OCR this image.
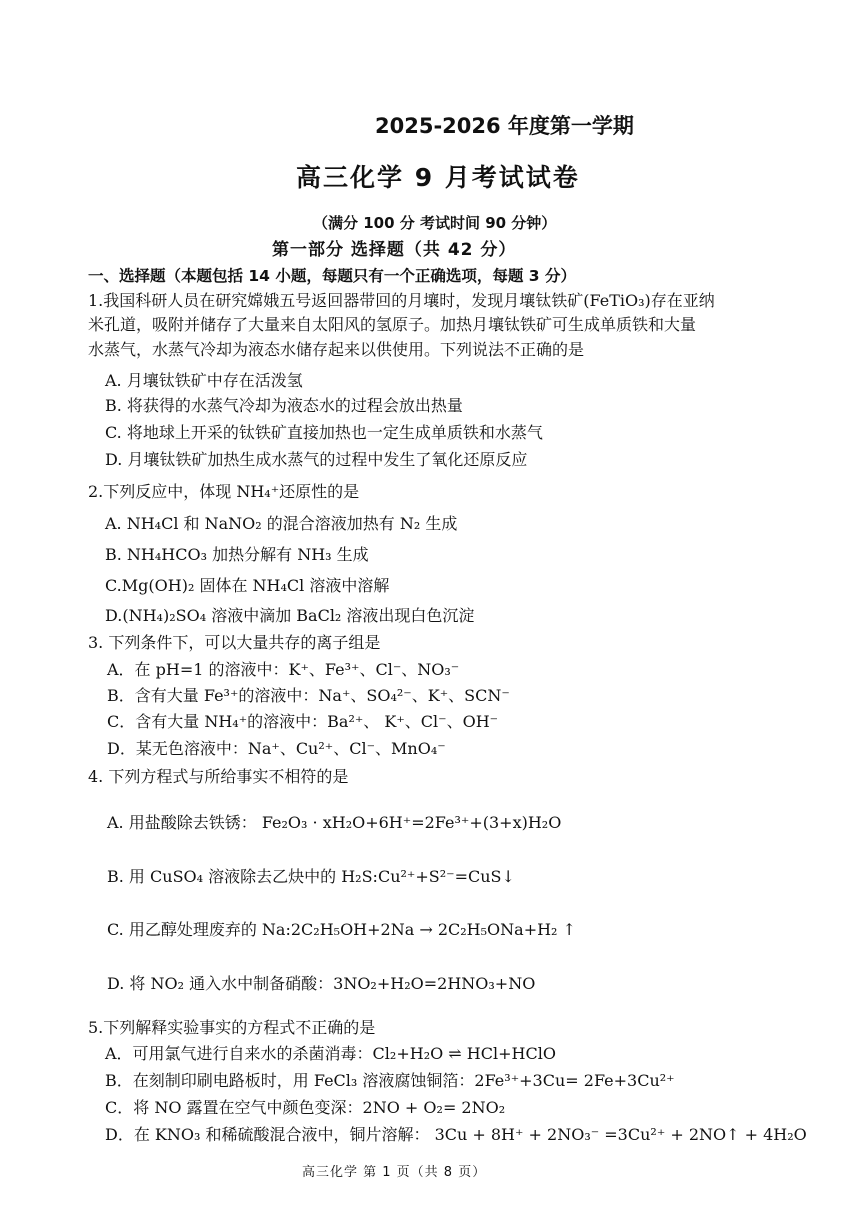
2025-2026 年度第一学期
高三化学 9 月考试试卷
（满分 100 分 考试时间 90 分钟）
第一部分 选择题（共 42 分）
一、选择题（本题包括 14 小题，每题只有一个正确选项，每题 3 分）
1.我国科研人员在研究嫦娥五号返回器带回的月壤时，发现月壤钛铁矿(FeTiO₃)存在亚纳
米孔道，吸附并储存了大量来自太阳风的氢原子。加热月壤钛铁矿可生成单质铁和大量
水蒸气，水蒸气冷却为液态水储存起来以供使用。下列说法不正确的是
A. 月壤钛铁矿中存在活泼氢
B. 将获得的水蒸气冷却为液态水的过程会放出热量
C. 将地球上开采的钛铁矿直接加热也一定生成单质铁和水蒸气
D. 月壤钛铁矿加热生成水蒸气的过程中发生了氧化还原反应
2.下列反应中，体现 NH₄⁺还原性的是
A. NH₄Cl 和 NaNO₂ 的混合溶液加热有 N₂ 生成
B. NH₄HCO₃ 加热分解有 NH₃ 生成
C.Mg(OH)₂ 固体在 NH₄Cl 溶液中溶解
D.(NH₄)₂SO₄ 溶液中滴加 BaCl₂ 溶液出现白色沉淀
3. 下列条件下，可以大量共存的离子组是
A．在 pH=1 的溶液中：K⁺、Fe³⁺、Cl⁻、NO₃⁻
B．含有大量 Fe³⁺的溶液中：Na⁺、SO₄²⁻、K⁺、SCN⁻
C．含有大量 NH₄⁺的溶液中：Ba²⁺、 K⁺、Cl⁻、OH⁻
D．某无色溶液中：Na⁺、Cu²⁺、Cl⁻、MnO₄⁻
4. 下列方程式与所给事实不相符的是
A. 用盐酸除去铁锈： Fe₂O₃ · xH₂O+6H⁺=2Fe³⁺+(3+x)H₂O
B. 用 CuSO₄ 溶液除去乙炔中的 H₂S:Cu²⁺+S²⁻=CuS↓
C. 用乙醇处理废弃的 Na:2C₂H₅OH+2Na → 2C₂H₅ONa+H₂ ↑
D. 将 NO₂ 通入水中制备硝酸：3NO₂+H₂O=2HNO₃+NO
5.下列解释实验事实的方程式不正确的是
A．可用氯气进行自来水的杀菌消毒：Cl₂+H₂O ⇌ HCl+HClO
B．在刻制印刷电路板时，用 FeCl₃ 溶液腐蚀铜箔：2Fe³⁺+3Cu= 2Fe+3Cu²⁺
C．将 NO 露置在空气中颜色变深：2NO + O₂= 2NO₂
D．在 KNO₃ 和稀硫酸混合液中，铜片溶解： 3Cu + 8H⁺ + 2NO₃⁻ =3Cu²⁺ + 2NO↑ + 4H₂O
高三化学 第 1 页（共 8 页）
